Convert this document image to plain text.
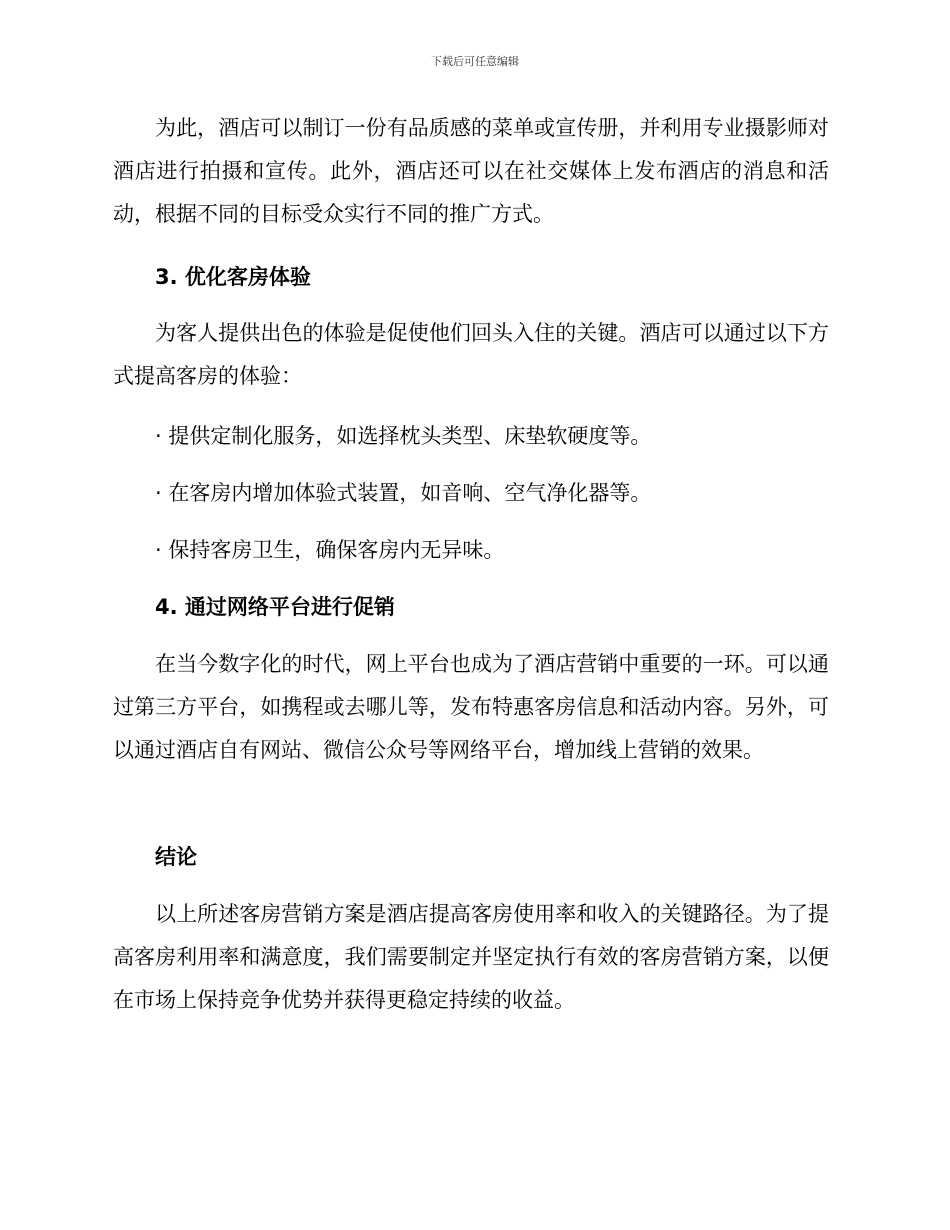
下载后可任意编辑

为此，酒店可以制订一份有品质感的菜单或宣传册，并利用专业摄影师对酒店进行拍摄和宣传。此外，酒店还可以在社交媒体上发布酒店的消息和活动，根据不同的目标受众实行不同的推广方式。

3. 优化客房体验

为客人提供出色的体验是促使他们回头入住的关键。酒店可以通过以下方式提高客房的体验：

· 提供定制化服务，如选择枕头类型、床垫软硬度等。

· 在客房内增加体验式装置，如音响、空气净化器等。

· 保持客房卫生，确保客房内无异味。

4. 通过网络平台进行促销

在当今数字化的时代，网上平台也成为了酒店营销中重要的一环。可以通过第三方平台，如携程或去哪儿等，发布特惠客房信息和活动内容。另外，可以通过酒店自有网站、微信公众号等网络平台，增加线上营销的效果。

结论

以上所述客房营销方案是酒店提高客房使用率和收入的关键路径。为了提高客房利用率和满意度，我们需要制定并坚定执行有效的客房营销方案，以便在市场上保持竞争优势并获得更稳定持续的收益。
